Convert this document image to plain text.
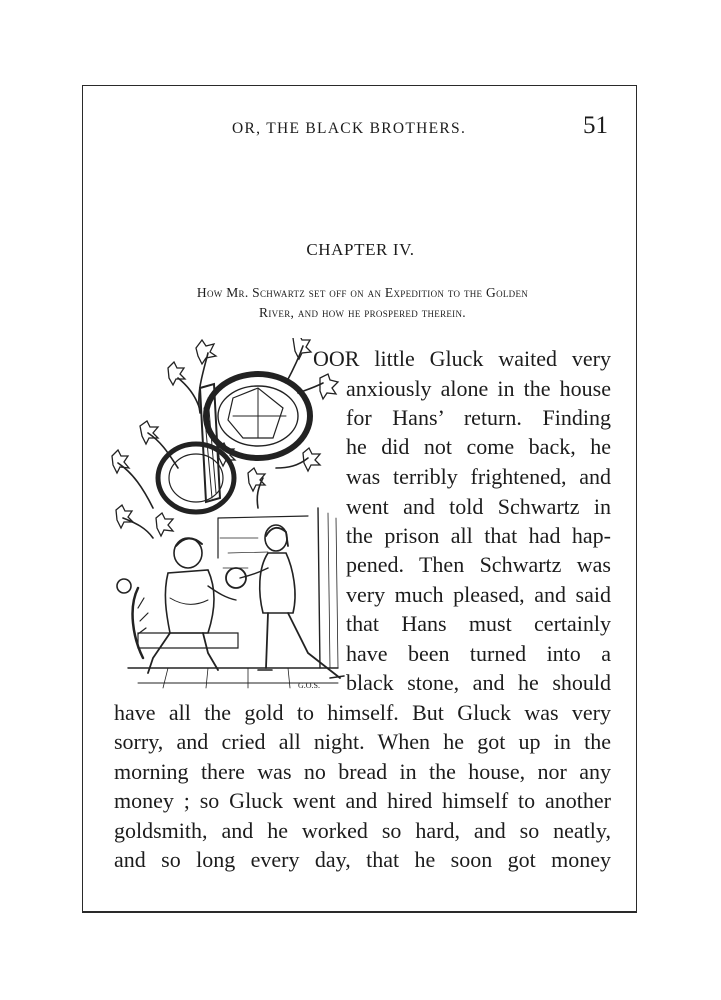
OR, THE BLACK BROTHERS.	51
CHAPTER IV.
How Mr. Schwartz set off on an Expedition to the Golden
River, and how he prospered therein.
G.O.S.

OOR little Gluck waited very

anxiously alone in the house

for Hans’ return. Finding

he did not come back, he

was terribly frightened, and

went and told Schwartz in

the prison all that had hap-

pened. Then Schwartz was

very much pleased, and said

that Hans must certainly

have been turned into a

black stone, and he should

have all the gold to himself. But Gluck was very

sorry, and cried all night. When he got up in the

morning there was no bread in the house, nor any

money ; so Gluck went and hired himself to another

goldsmith, and he worked so hard, and so neatly,

and so long every day, that he soon got money
